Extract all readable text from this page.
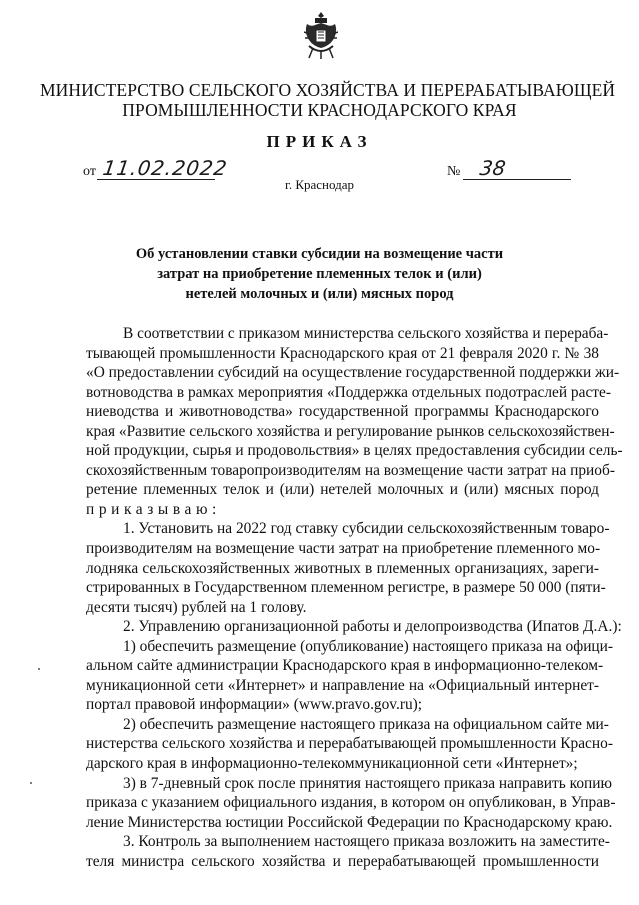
МИНИСТЕРСТВО СЕЛЬСКОГО ХОЗЯЙСТВА И ПЕРЕРАБАТЫВАЮЩЕЙ
ПРОМЫШЛЕННОСТИ КРАСНОДАРСКОГО КРАЯ
ПРИКАЗ
от 11.02.2022	№ 38
г. Краснодар
Об установлении ставки субсидии на возмещение части
затрат на приобретение племенных телок и (или)
нетелей молочных и (или) мясных пород
В соответствии с приказом министерства сельского хозяйства и перераба-
тывающей промышленности Краснодарского края от 21 февраля 2020 г. № 38
«О предоставлении субсидий на осуществление государственной поддержки жи-
вотноводства в рамках мероприятия «Поддержка отдельных подотраслей расте-
ниеводства и животноводства» государственной программы Краснодарского
края «Развитие сельского хозяйства и регулирование рынков сельскохозяйствен-
ной продукции, сырья и продовольствия» в целях предоставления субсидии сель-
скохозяйственным товаропроизводителям на возмещение части затрат на приоб-
ретение племенных телок и (или) нетелей молочных и (или) мясных пород
приказываю:
1. Установить на 2022 год ставку субсидии сельскохозяйственным товаро-
производителям на возмещение части затрат на приобретение племенного мо-
лодняка сельскохозяйственных животных в племенных организациях, зареги-
стрированных в Государственном племенном регистре, в размере 50 000 (пяти-
десяти тысяч) рублей на 1 голову.
2. Управлению организационной работы и делопроизводства (Ипатов Д.А.):
1) обеспечить размещение (опубликование) настоящего приказа на офици-
альном сайте администрации Краснодарского края в информационно-телеком-
муникационной сети «Интернет» и направление на «Официальный интернет-
портал правовой информации» (www.pravo.gov.ru);
2) обеспечить размещение настоящего приказа на официальном сайте ми-
нистерства сельского хозяйства и перерабатывающей промышленности Красно-
дарского края в информационно-телекоммуникационной сети «Интернет»;
3) в 7-дневный срок после принятия настоящего приказа направить копию
приказа с указанием официального издания, в котором он опубликован, в Управ-
ление Министерства юстиции Российской Федерации по Краснодарскому краю.
3. Контроль за выполнением настоящего приказа возложить на заместите-
теля министра сельского хозяйства и перерабатывающей промышленности
